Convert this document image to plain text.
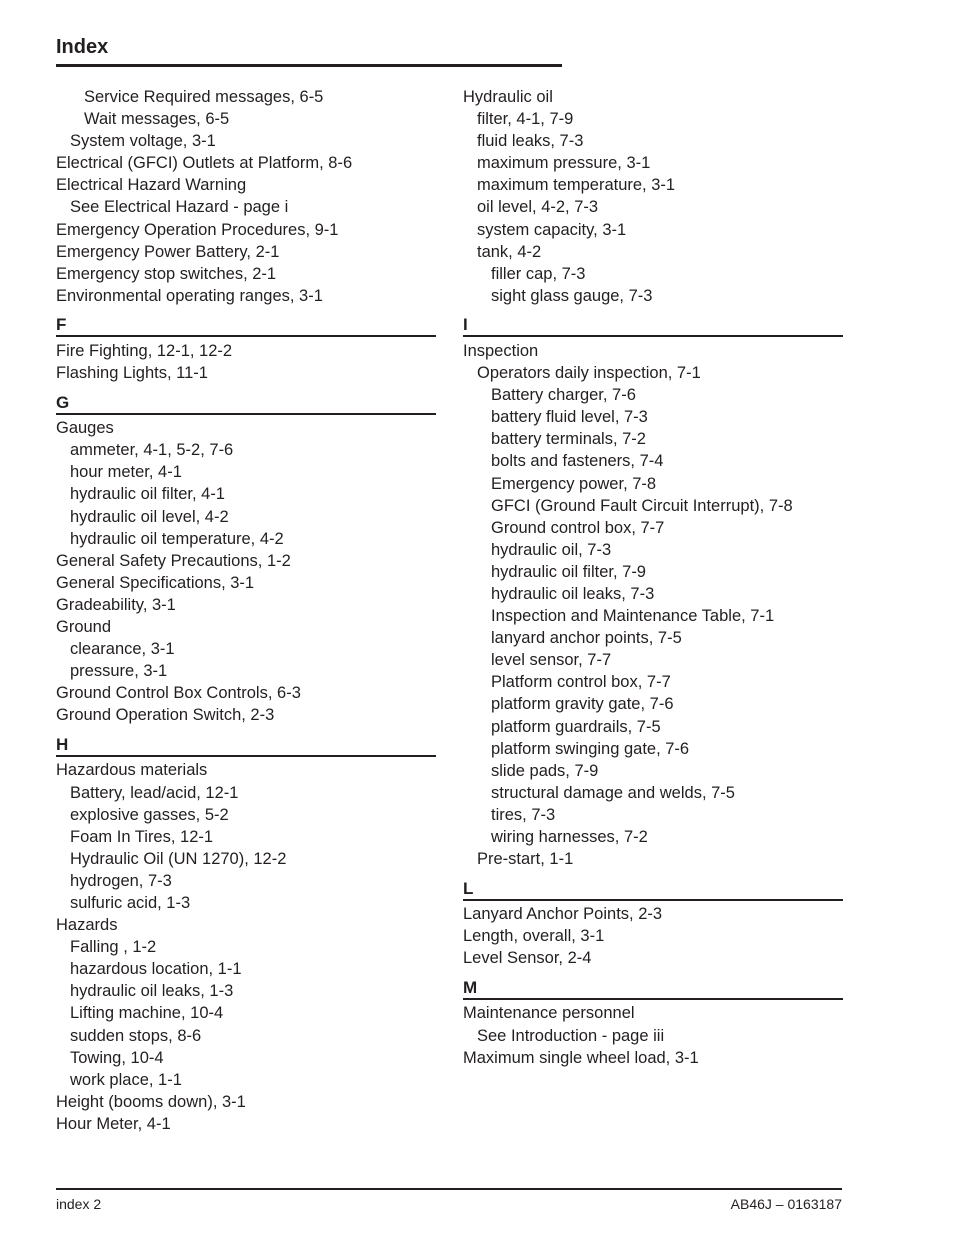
Index
Service Required messages, 6-5
Wait messages, 6-5
System voltage, 3-1
Electrical (GFCI) Outlets at Platform, 8-6
Electrical Hazard Warning
See Electrical Hazard - page i
Emergency Operation Procedures, 9-1
Emergency Power Battery, 2-1
Emergency stop switches, 2-1
Environmental operating ranges, 3-1
F
Fire Fighting, 12-1, 12-2
Flashing Lights, 11-1
G
Gauges
ammeter, 4-1, 5-2, 7-6
hour meter, 4-1
hydraulic oil filter, 4-1
hydraulic oil level, 4-2
hydraulic oil temperature, 4-2
General Safety Precautions, 1-2
General Specifications, 3-1
Gradeability, 3-1
Ground
clearance, 3-1
pressure, 3-1
Ground Control Box Controls, 6-3
Ground Operation Switch, 2-3
H
Hazardous materials
Battery, lead/acid, 12-1
explosive gasses, 5-2
Foam In Tires, 12-1
Hydraulic Oil (UN 1270), 12-2
hydrogen, 7-3
sulfuric acid, 1-3
Hazards
Falling , 1-2
hazardous location, 1-1
hydraulic oil leaks, 1-3
Lifting machine, 10-4
sudden stops, 8-6
Towing, 10-4
work place, 1-1
Height (booms down), 3-1
Hour Meter, 4-1
Hydraulic oil
filter, 4-1, 7-9
fluid leaks, 7-3
maximum pressure, 3-1
maximum temperature, 3-1
oil level, 4-2, 7-3
system capacity, 3-1
tank, 4-2
filler cap, 7-3
sight glass gauge, 7-3
I
Inspection
Operators daily inspection, 7-1
Battery charger, 7-6
battery fluid level, 7-3
battery terminals, 7-2
bolts and fasteners, 7-4
Emergency power, 7-8
GFCI (Ground Fault Circuit Interrupt), 7-8
Ground control box, 7-7
hydraulic oil, 7-3
hydraulic oil filter, 7-9
hydraulic oil leaks, 7-3
Inspection and Maintenance Table, 7-1
lanyard anchor points, 7-5
level sensor, 7-7
Platform control box, 7-7
platform gravity gate, 7-6
platform guardrails, 7-5
platform swinging gate, 7-6
slide pads, 7-9
structural damage and welds, 7-5
tires, 7-3
wiring harnesses, 7-2
Pre-start, 1-1
L
Lanyard Anchor Points, 2-3
Length, overall, 3-1
Level Sensor, 2-4
M
Maintenance personnel
See Introduction - page iii
Maximum single wheel load, 3-1
index 2	AB46J – 0163187
